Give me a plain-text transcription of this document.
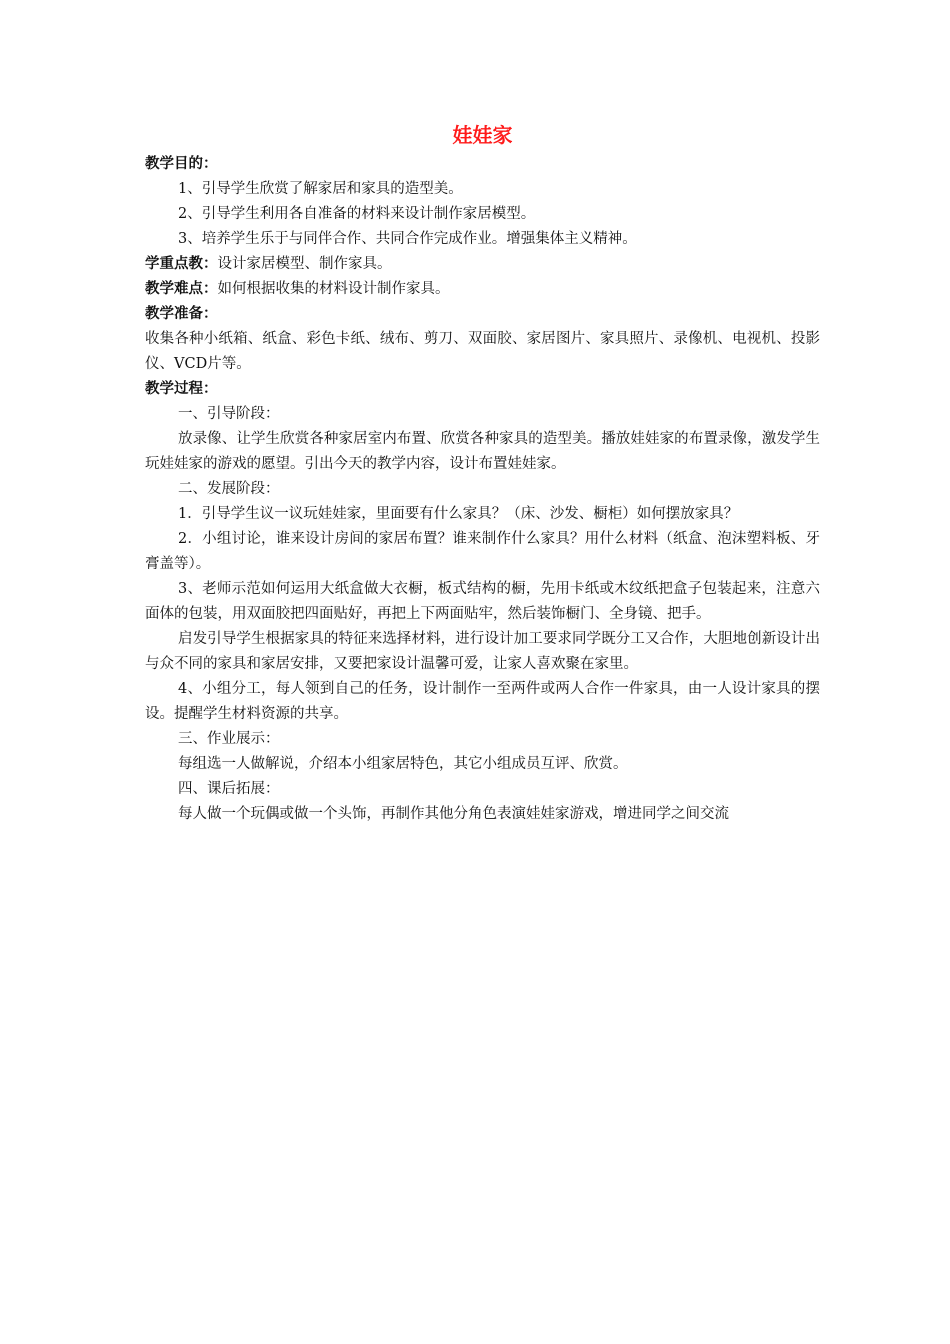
娃娃家
教学目的：
1、引导学生欣赏了解家居和家具的造型美。
2、引导学生利用各自准备的材料来设计制作家居模型。
3、培养学生乐于与同伴合作、共同合作完成作业。增强集体主义精神。
学重点教：设计家居模型、制作家具。
教学难点：如何根据收集的材料设计制作家具。
教学准备：
收集各种小纸箱、纸盒、彩色卡纸、绒布、剪刀、双面胶、家居图片、家具照片、录像机、电视机、投影仪、VCD片等。
教学过程：
一、引导阶段：
放录像、让学生欣赏各种家居室内布置、欣赏各种家具的造型美。播放娃娃家的布置录像，激发学生玩娃娃家的游戏的愿望。引出今天的教学内容，设计布置娃娃家。
二、发展阶段：
1．引导学生议一议玩娃娃家，里面要有什么家具？（床、沙发、橱柜）如何摆放家具？
2．小组讨论，谁来设计房间的家居布置？谁来制作什么家具？用什么材料（纸盒、泡沫塑料板、牙膏盖等）。
3、老师示范如何运用大纸盒做大衣橱，板式结构的橱，先用卡纸或木纹纸把盒子包装起来，注意六面体的包装，用双面胶把四面贴好，再把上下两面贴牢，然后装饰橱门、全身镜、把手。
启发引导学生根据家具的特征来选择材料，进行设计加工要求同学既分工又合作，大胆地创新设计出与众不同的家具和家居安排，又要把家设计温馨可爱，让家人喜欢聚在家里。
4、小组分工，每人领到自己的任务，设计制作一至两件或两人合作一件家具，由一人设计家具的摆设。提醒学生材料资源的共享。
三、作业展示：
每组选一人做解说，介绍本小组家居特色，其它小组成员互评、欣赏。
四、课后拓展：
每人做一个玩偶或做一个头饰，再制作其他分角色表演娃娃家游戏，增进同学之间交流
